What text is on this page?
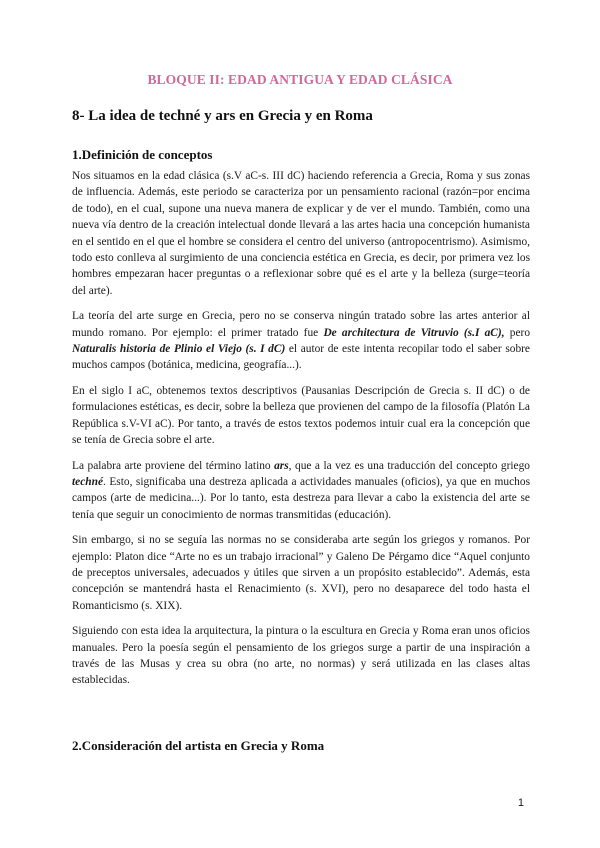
BLOQUE II: EDAD ANTIGUA Y EDAD CLÁSICA
8- La idea de techné y ars en Grecia y en Roma
1.Definición de conceptos

Nos situamos en la edad clásica (s.V aC-s. III dC) haciendo referencia a Grecia, Roma y sus zonas de influencia. Además, este periodo se caracteriza por un pensamiento racional (razón=por encima de todo), en el cual, supone una nueva manera de explicar y de ver el mundo. También, como una nueva vía dentro de la creación intelectual donde llevará a las artes hacia una concepción humanista en el sentido en el que el hombre se considera el centro del universo (antropocentrismo). Asimismo, todo esto conlleva al surgimiento de una conciencia estética en Grecia, es decir, por primera vez los hombres empezaran hacer preguntas o a reflexionar sobre qué es el arte y la belleza (surge=teoría del arte).

La teoría del arte surge en Grecia, pero no se conserva ningún tratado sobre las artes anterior al mundo romano. Por ejemplo: el primer tratado fue De architectura de Vitruvio (s.I aC), pero Naturalis historia de Plinio el Viejo (s. I dC) el autor de este intenta recopilar todo el saber sobre muchos campos (botánica, medicina, geografía...).

En el siglo I aC, obtenemos textos descriptivos (Pausanias Descripción de Grecia s. II dC) o de formulaciones estéticas, es decir, sobre la belleza que provienen del campo de la filosofía (Platón La República s.V-VI aC). Por tanto, a través de estos textos podemos intuir cual era la concepción que se tenía de Grecia sobre el arte.

La palabra arte proviene del término latino ars, que a la vez es una traducción del concepto griego techné. Esto, significaba una destreza aplicada a actividades manuales (oficios), ya que en muchos campos (arte de medicina...). Por lo tanto, esta destreza para llevar a cabo la existencia del arte se tenía que seguir un conocimiento de normas transmitidas (educación).

Sin embargo, si no se seguía las normas no se consideraba arte según los griegos y romanos. Por ejemplo: Platon dice “Arte no es un trabajo irracional” y Galeno De Pérgamo dice “Aquel conjunto de preceptos universales, adecuados y útiles que sirven a un propósito establecido”. Además, esta concepción se mantendrá hasta el Renacimiento (s. XVI), pero no desaparece del todo hasta el Romanticismo (s. XIX).

Siguiendo con esta idea la arquitectura, la pintura o la escultura en Grecia y Roma eran unos oficios manuales. Pero la poesía según el pensamiento de los griegos surge a partir de una inspiración a través de las Musas y crea su obra (no arte, no normas) y será utilizada en las clases altas establecidas.

2.Consideración del artista en Grecia y Roma
1
